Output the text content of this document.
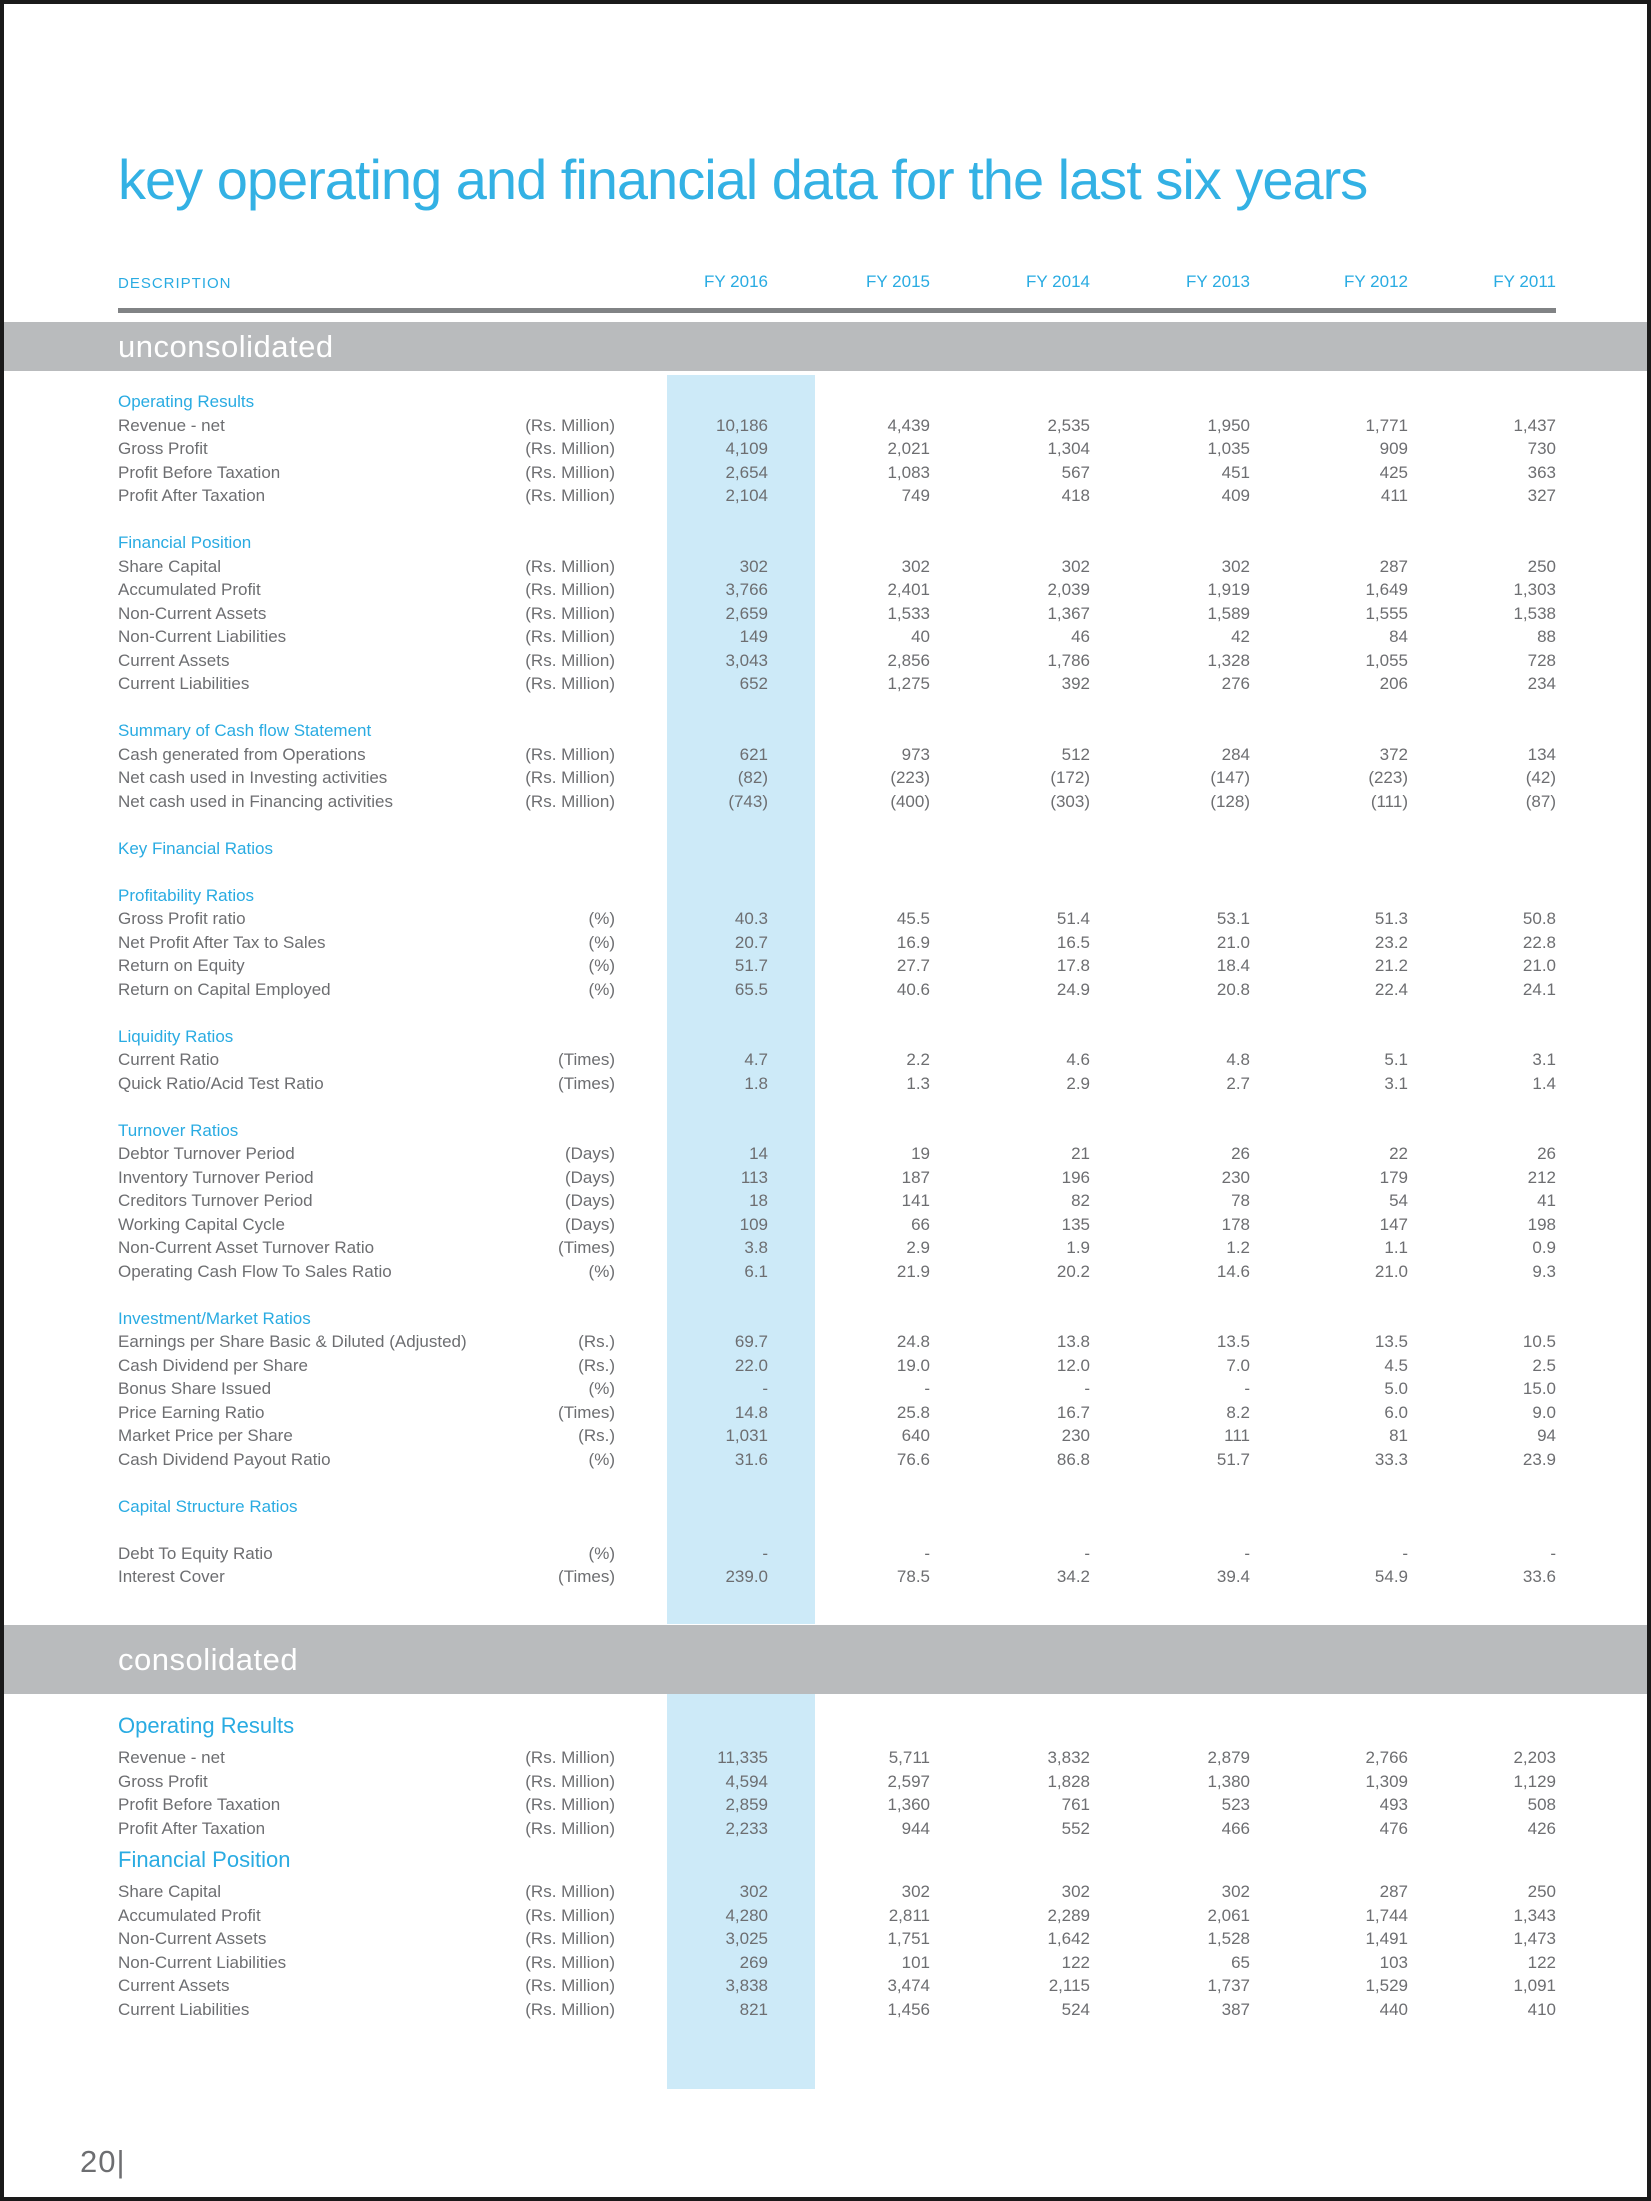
key operating and financial data for the last six years
DESCRIPTION	FY 2016	FY 2015	FY 2014	FY 2013	FY 2012	FY 2011
unconsolidated
Operating Results
Revenue - net	(Rs. Million)	10,186	4,439	2,535	1,950	1,771	1,437
Gross Profit	(Rs. Million)	4,109	2,021	1,304	1,035	909	730
Profit Before Taxation	(Rs. Million)	2,654	1,083	567	451	425	363
Profit After Taxation	(Rs. Million)	2,104	749	418	409	411	327
Financial Position
Share Capital	(Rs. Million)	302	302	302	302	287	250
Accumulated Profit	(Rs. Million)	3,766	2,401	2,039	1,919	1,649	1,303
Non-Current Assets	(Rs. Million)	2,659	1,533	1,367	1,589	1,555	1,538
Non-Current Liabilities	(Rs. Million)	149	40	46	42	84	88
Current Assets	(Rs. Million)	3,043	2,856	1,786	1,328	1,055	728
Current Liabilities	(Rs. Million)	652	1,275	392	276	206	234
Summary of Cash flow Statement
Cash generated from Operations	(Rs. Million)	621	973	512	284	372	134
Net cash used in Investing activities	(Rs. Million)	(82)	(223)	(172)	(147)	(223)	(42)
Net cash used in Financing activities	(Rs. Million)	(743)	(400)	(303)	(128)	(111)	(87)
Key Financial Ratios
Profitability Ratios
Gross Profit ratio	(%)	40.3	45.5	51.4	53.1	51.3	50.8
Net Profit After Tax to Sales	(%)	20.7	16.9	16.5	21.0	23.2	22.8
Return on Equity	(%)	51.7	27.7	17.8	18.4	21.2	21.0
Return on Capital Employed	(%)	65.5	40.6	24.9	20.8	22.4	24.1
Liquidity Ratios
Current Ratio	(Times)	4.7	2.2	4.6	4.8	5.1	3.1
Quick Ratio/Acid Test Ratio	(Times)	1.8	1.3	2.9	2.7	3.1	1.4
Turnover Ratios
Debtor Turnover Period	(Days)	14	19	21	26	22	26
Inventory Turnover Period	(Days)	113	187	196	230	179	212
Creditors Turnover Period	(Days)	18	141	82	78	54	41
Working Capital Cycle	(Days)	109	66	135	178	147	198
Non-Current Asset Turnover Ratio	(Times)	3.8	2.9	1.9	1.2	1.1	0.9
Operating Cash Flow To Sales Ratio	(%)	6.1	21.9	20.2	14.6	21.0	9.3
Investment/Market Ratios
Earnings per Share Basic & Diluted (Adjusted)	(Rs.)	69.7	24.8	13.8	13.5	13.5	10.5
Cash Dividend per Share	(Rs.)	22.0	19.0	12.0	7.0	4.5	2.5
Bonus Share Issued	(%)	-	-	-	-	5.0	15.0
Price Earning Ratio	(Times)	14.8	25.8	16.7	8.2	6.0	9.0
Market Price per Share	(Rs.)	1,031	640	230	111	81	94
Cash Dividend Payout Ratio	(%)	31.6	76.6	86.8	51.7	33.3	23.9
Capital Structure Ratios
Debt To Equity Ratio	(%)	-	-	-	-	-	-
Interest Cover	(Times)	239.0	78.5	34.2	39.4	54.9	33.6
consolidated
Operating Results
Revenue - net	(Rs. Million)	11,335	5,711	3,832	2,879	2,766	2,203
Gross Profit	(Rs. Million)	4,594	2,597	1,828	1,380	1,309	1,129
Profit Before Taxation	(Rs. Million)	2,859	1,360	761	523	493	508
Profit After Taxation	(Rs. Million)	2,233	944	552	466	476	426
Financial Position
Share Capital	(Rs. Million)	302	302	302	302	287	250
Accumulated Profit	(Rs. Million)	4,280	2,811	2,289	2,061	1,744	1,343
Non-Current Assets	(Rs. Million)	3,025	1,751	1,642	1,528	1,491	1,473
Non-Current Liabilities	(Rs. Million)	269	101	122	65	103	122
Current Assets	(Rs. Million)	3,838	3,474	2,115	1,737	1,529	1,091
Current Liabilities	(Rs. Million)	821	1,456	524	387	440	410
20|
